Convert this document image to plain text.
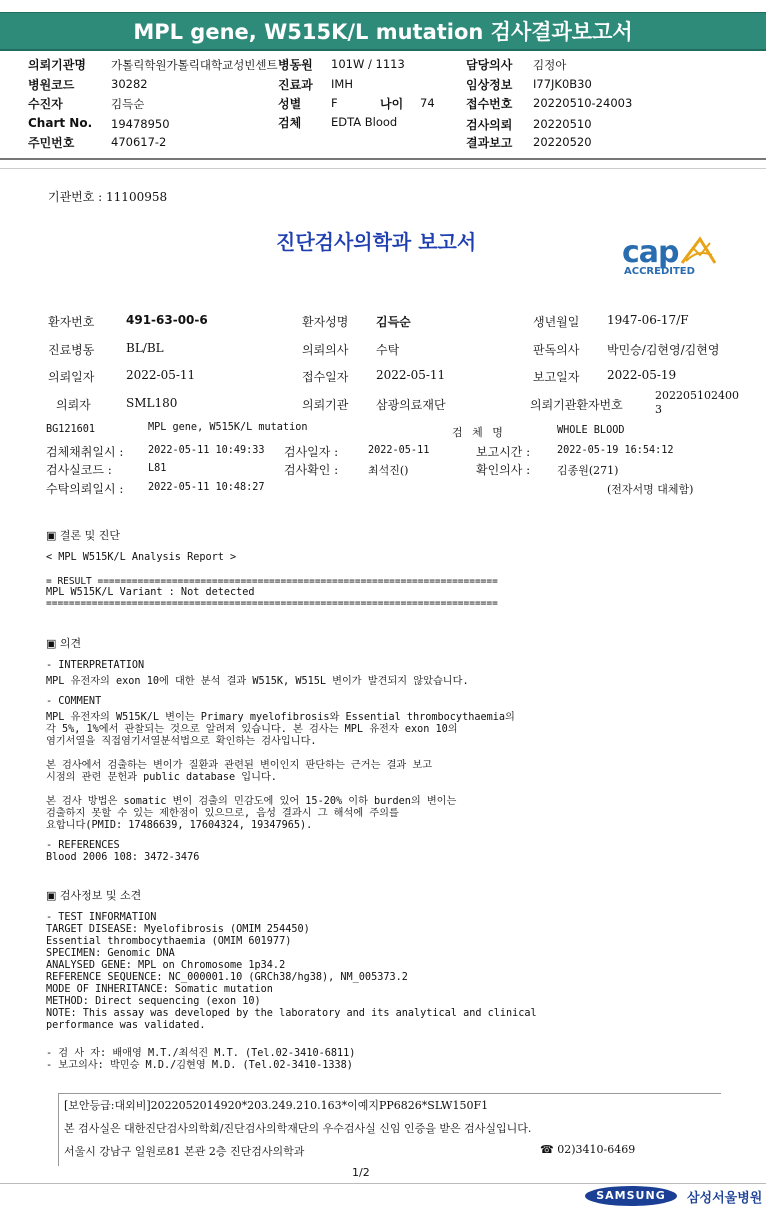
MPL gene, W515K/L mutation 검사결과보고서
의뢰기관명 가톨릭학원가톨릭대학교성빈센트 병동원 101W / 1113	담당의사 김정아
병원코드	30282	진료과 IMH	임상정보 I77JK0B30
수진자	김득순	성별	F	나이 74	접수번호 20220510-24003
Chart No. 19478950	검체	EDTA Blood	검사의뢰 20220510
주민번호	470617-2	결과보고 20220520
기관번호 : 11100958
진단검사의학과 보고서	cap
ACCREDITED
환자번호	491-63-00-6	환자성명 김득순	생년월일 1947-06-17/F
진료병동	BL/BL	의뢰의사 수탁	판독의사 박민승/김현영/김현영
의뢰일자	2022-05-11	접수일자 2022-05-11	보고일자 2022-05-19
의뢰자	SML180	의뢰기관 삼광의료재단	의뢰기관환자번호
202205102400
3
BG121601	MPL gene, W515K/L mutation	검 체 명	WHOLE BLOOD
검체채취일시 : 2022-05-11 10:49:33 검사일자 :	2022-05-11	보고시간 :	2022-05-19 16:54:12
검사실코드 :	L81	검사확인 :	최석진()	확인의사 : 김종원(271)
수탁의뢰일시 : 2022-05-11 10:48:27	(전자서명 대체함)
▣ 결론 및 진단
< MPL W515K/L Analysis Report >
= RESULT ======================================================================
MPL W515K/L Variant : Not detected
===============================================================================
▣ 의견
- INTERPRETATION
MPL 유전자의 exon 10에 대한 분석 결과 W515K, W515L 변이가 발견되지 않았습니다.
- COMMENT
MPL 유전자의 W515K/L 변이는 Primary myelofibrosis와 Essential thrombocythaemia의
각 5%, 1%에서 관찰되는 것으로 알려져 있습니다. 본 검사는 MPL 유전자 exon 10의
염기서열을 직접염기서열분석법으로 확인하는 검사입니다.
본 검사에서 검출하는 변이가 질환과 관련된 변이인지 판단하는 근거는 결과 보고
시점의 관련 문헌과 public database 입니다.
본 검사 방법은 somatic 변이 검출의 민감도에 있어 15-20% 이하 burden의 변이는
검출하지 못할 수 있는 제한점이 있으므로, 음성 결과시 그 해석에 주의를
요합니다(PMID: 17486639, 17604324, 19347965).
- REFERENCES
Blood 2006 108: 3472-3476
▣ 검사정보 및 소견
- TEST INFORMATION
TARGET DISEASE: Myelofibrosis (OMIM 254450)
Essential thrombocythaemia (OMIM 601977)
SPECIMEN: Genomic DNA
ANALYSED GENE: MPL on Chromosome 1p34.2
REFERENCE SEQUENCE: NC_000001.10 (GRCh38/hg38), NM_005373.2
MODE OF INHERITANCE: Somatic mutation
METHOD: Direct sequencing (exon 10)
NOTE: This assay was developed by the laboratory and its analytical and clinical
performance was validated.
- 검 사 자: 배애영 M.T./최석진 M.T. (Tel.02-3410-6811)
- 보고의사: 박민승 M.D./김현영 M.D. (Tel.02-3410-1338)
[보안등급:대외비]2022052014920*203.249.210.163*이예지PP6826*SLW150F1
본 검사실은 대한진단검사의학회/진단검사의학재단의 우수검사실 신임 인증을 받은 검사실입니다.
서울시 강남구 일원로81 본관 2층 진단검사의학과	☎ 02)3410-6469
1/2
SAMSUNG	삼성서울병원
